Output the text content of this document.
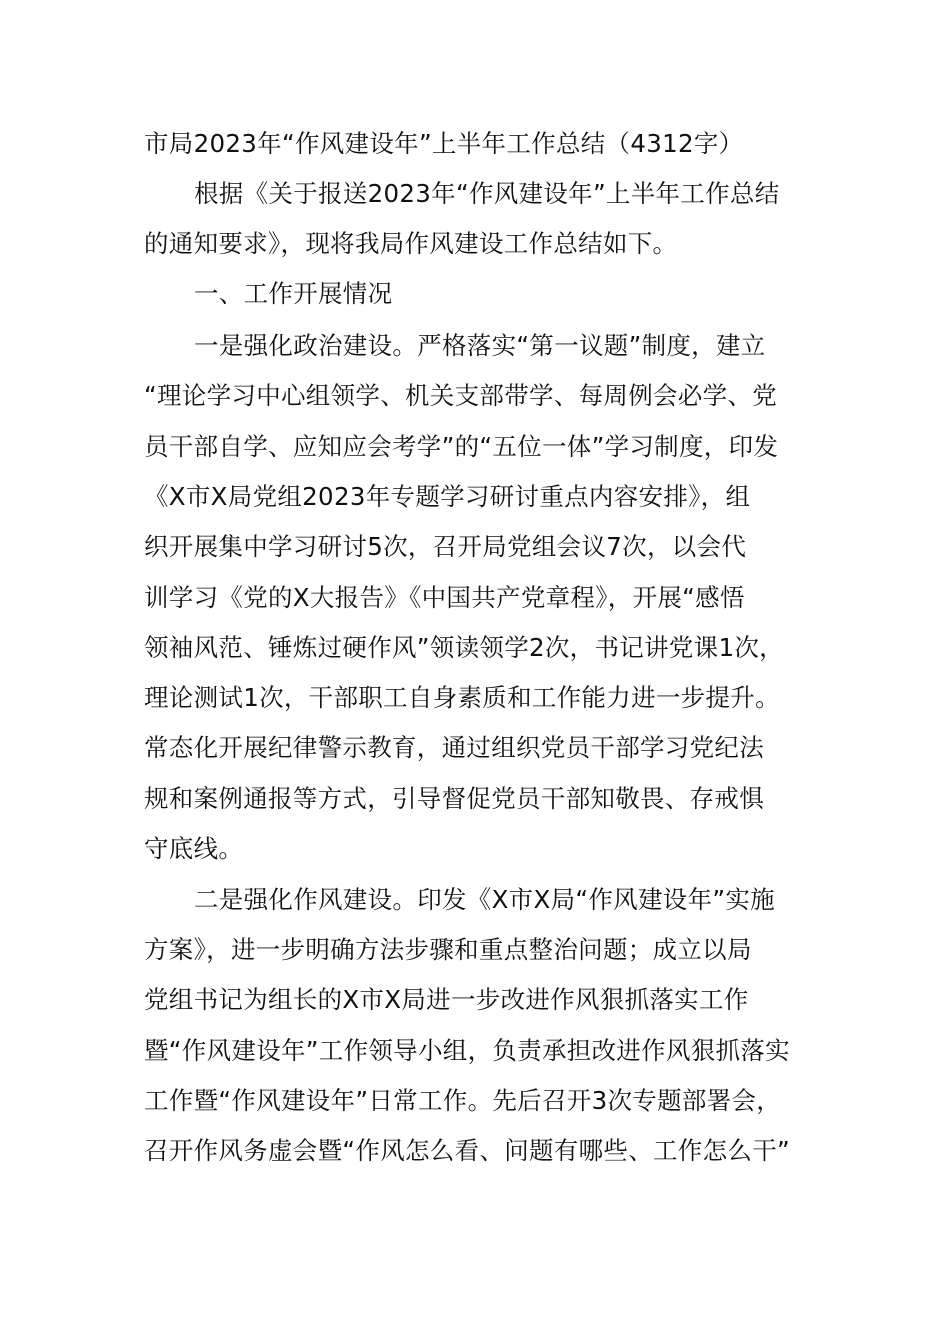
市局2023年“作风建设年”上半年工作总结（4312字）
根据《关于报送2023年“作风建设年”上半年工作总结
的通知要求》，现将我局作风建设工作总结如下。
一、工作开展情况
一是强化政治建设。严格落实“第一议题”制度，建立
“理论学习中心组领学、机关支部带学、每周例会必学、党
员干部自学、应知应会考学”的“五位一体”学习制度，印发
《X市X局党组2023年专题学习研讨重点内容安排》，组
织开展集中学习研讨5次，召开局党组会议7次，以会代
训学习《党的X大报告》《中国共产党章程》，开展“感悟
领袖风范、锤炼过硬作风”领读领学2次，书记讲党课1次，
理论测试1次，干部职工自身素质和工作能力进一步提升。
常态化开展纪律警示教育，通过组织党员干部学习党纪法
规和案例通报等方式，引导督促党员干部知敬畏、存戒惧
守底线。
二是强化作风建设。印发《X市X局“作风建设年”实施
方案》，进一步明确方法步骤和重点整治问题；成立以局
党组书记为组长的X市X局进一步改进作风狠抓落实工作
暨“作风建设年”工作领导小组，负责承担改进作风狠抓落实
工作暨“作风建设年”日常工作。先后召开3次专题部署会，
召开作风务虚会暨“作风怎么看、问题有哪些、工作怎么干”
